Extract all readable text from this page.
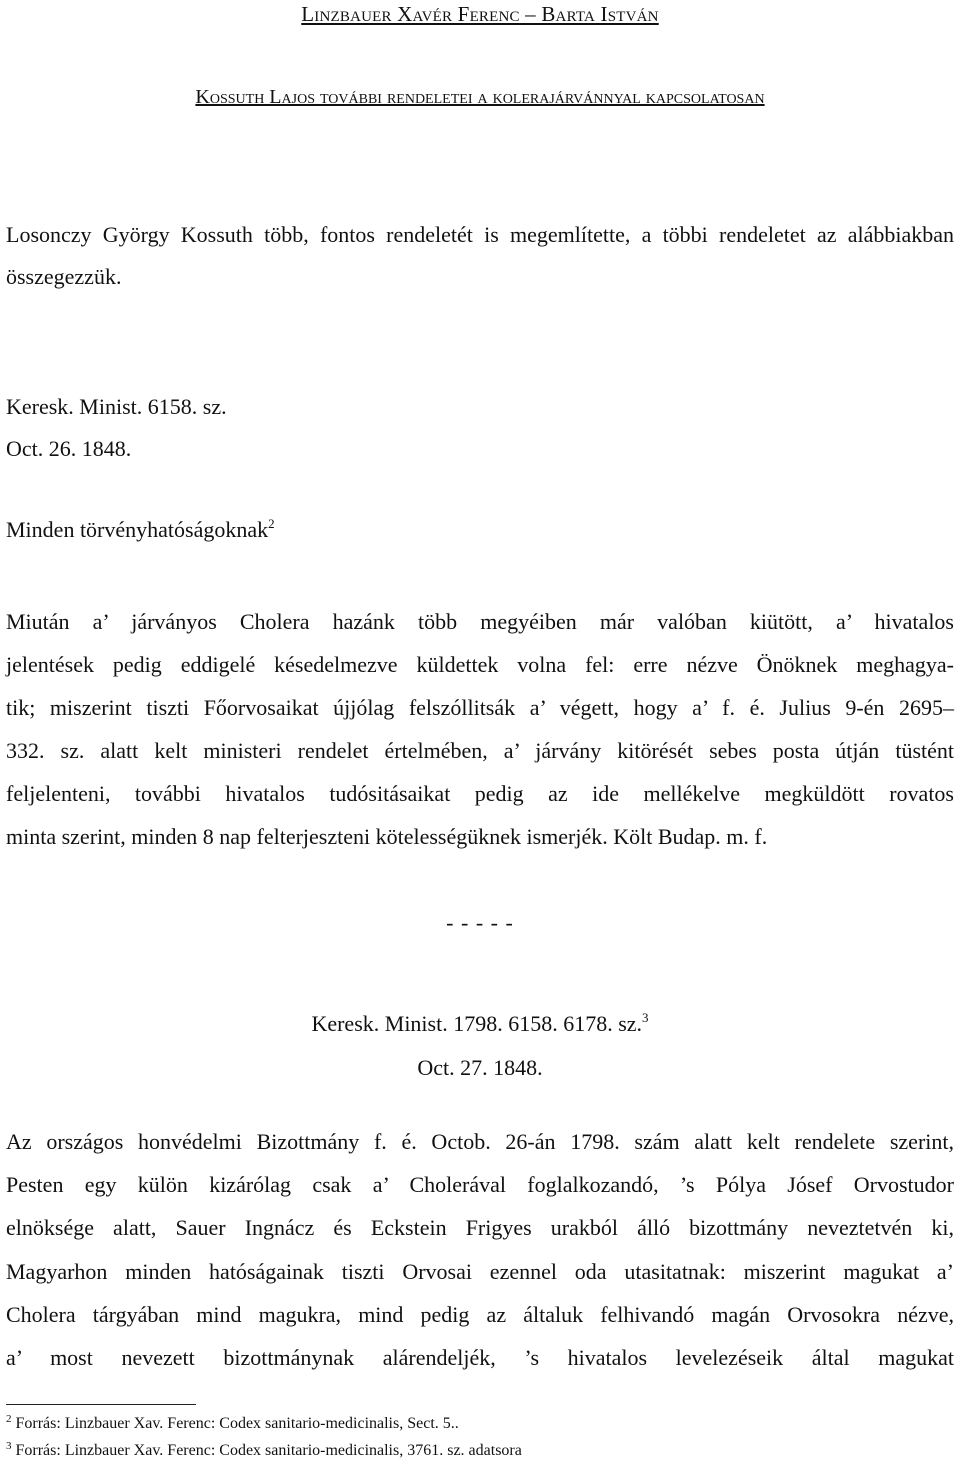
Linzbauer Xavér Ferenc – Barta István
Kossuth Lajos további rendeletei a kolerajárvánnyal kapcsolatosan
Losonczy György Kossuth több, fontos rendeletét is megemlítette, a többi rendeletet az alábbiakban összegezzük.
Keresk. Minist. 6158. sz.
Oct. 26. 1848.
Minden törvényhatóságoknak$^2$
Miután a’ járványos Cholera hazánk több megyéiben már valóban kiütött, a’ hivatalos
jelentések pedig eddigelé késedelmezve küldettek volna fel: erre nézve Önöknek meghagya-
tik; miszerint tiszti Főorvosaikat újjólag felszóllitsák a’ végett, hogy a’ f. é. Julius 9-én 2695–
332. sz. alatt kelt ministeri rendelet értelmében, a’ járvány kitörését sebes posta útján tüstént
feljelenteni, további hivatalos tudósitásaikat pedig az ide mellékelve megküldött rovatos
minta szerint, minden 8 nap felterjeszteni kötelességüknek ismerjék. Költ Budap. m. f.
- - - - -
Keresk. Minist. 1798. 6158. 6178. sz.$^3$
Oct. 27. 1848.
Az országos honvédelmi Bizottmány f. é. Octob. 26-án 1798. szám alatt kelt rendelete szerint,
Pesten egy külön kizárólag csak a’ Cholerával foglalkozandó, ’s Pólya Jósef Orvostudor
elnöksége alatt, Sauer Ingnácz és Eckstein Frigyes urakból álló bizottmány neveztetvén ki,
Magyarhon minden hatóságainak tiszti Orvosai ezennel oda utasitatnak: miszerint magukat a’
Cholera tárgyában mind magukra, mind pedig az általuk felhivandó magán Orvosokra nézve,
a’ most nevezett bizottmánynak alárendeljék, ’s hivatalos levelezéseik által magukat
$^2$ Forrás: Linzbauer Xav. Ferenc: Codex sanitario-medicinalis, Sect. 5..
$^3$ Forrás: Linzbauer Xav. Ferenc: Codex sanitario-medicinalis, 3761. sz. adatsora
